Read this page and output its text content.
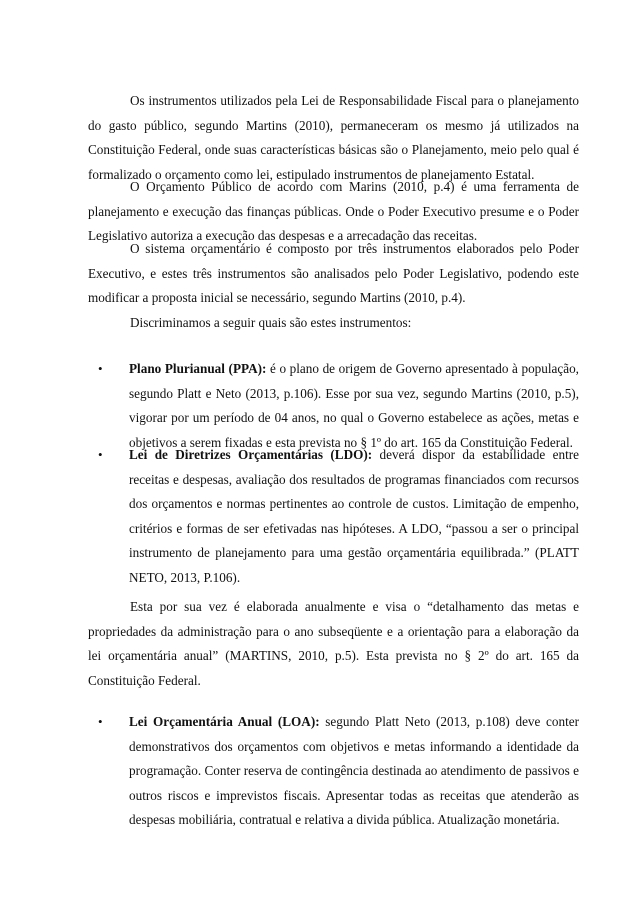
Os instrumentos utilizados pela Lei de Responsabilidade Fiscal para o planejamento do gasto público, segundo Martins (2010), permaneceram os mesmo já utilizados na Constituição Federal, onde suas características básicas são o Planejamento, meio pelo qual é formalizado o orçamento como lei, estipulado instrumentos de planejamento Estatal.

O Orçamento Público de acordo com Marins (2010, p.4) é uma ferramenta de planejamento e execução das finanças públicas. Onde o Poder Executivo presume e o Poder Legislativo autoriza a execução das despesas e a arrecadação das receitas.

O sistema orçamentário é composto por três instrumentos elaborados pelo Poder Executivo, e estes três instrumentos são analisados pelo Poder Legislativo, podendo este modificar a proposta inicial se necessário, segundo Martins (2010, p.4).

Discriminamos a seguir quais são estes instrumentos:

• Plano Plurianual (PPA): é o plano de origem de Governo apresentado à população, segundo Platt e Neto (2013, p.106). Esse por sua vez, segundo Martins (2010, p.5), vigorar por um período de 04 anos, no qual o Governo estabelece as ações, metas e objetivos a serem fixadas e esta prevista no § 1º do art. 165 da Constituição Federal.

• Lei de Diretrizes Orçamentárias (LDO): deverá dispor da estabilidade entre receitas e despesas, avaliação dos resultados de programas financiados com recursos dos orçamentos e normas pertinentes ao controle de custos. Limitação de empenho, critérios e formas de ser efetivadas nas hipóteses. A LDO, “passou a ser o principal instrumento de planejamento para uma gestão orçamentária equilibrada.” (PLATT NETO, 2013, P.106).

Esta por sua vez é elaborada anualmente e visa o “detalhamento das metas e propriedades da administração para o ano subseqüente e a orientação para a elaboração da lei orçamentária anual” (MARTINS, 2010, p.5). Esta prevista no § 2º do art. 165 da Constituição Federal.

• Lei Orçamentária Anual (LOA): segundo Platt Neto (2013, p.108) deve conter demonstrativos dos orçamentos com objetivos e metas informando a identidade da programação. Conter reserva de contingência destinada ao atendimento de passivos e outros riscos e imprevistos fiscais. Apresentar todas as receitas que atenderão as despesas mobiliária, contratual e relativa a divida pública. Atualização monetária.
